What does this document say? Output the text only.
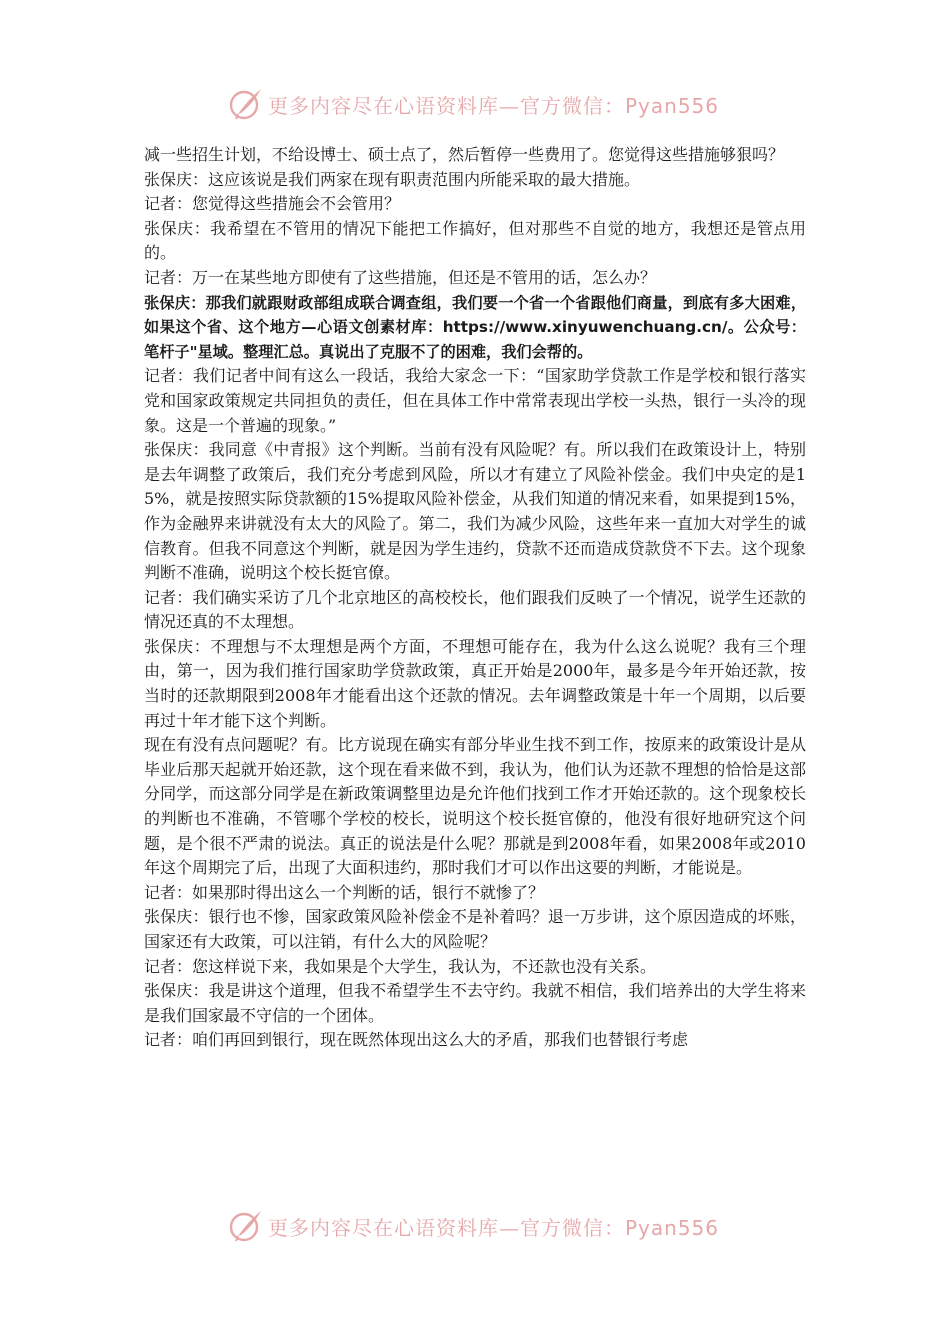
更多内容尽在心语资料库—官方微信：Pyan556

减一些招生计划，不给设博士、硕士点了，然后暂停一些费用了。您觉得这些措施够狠吗？

张保庆：这应该说是我们两家在现有职责范围内所能采取的最大措施。

记者：您觉得这些措施会不会管用？

张保庆：我希望在不管用的情况下能把工作搞好，但对那些不自觉的地方，我想还是管点用的。

记者：万一在某些地方即使有了这些措施，但还是不管用的话，怎么办？

张保庆：那我们就跟财政部组成联合调查组，我们要一个省一个省跟他们商量，到底有多大困难，如果这个省、这个地方—心语文创素材库：https://www.xinyuwenchuang.cn/。公众号：笔杆子"星域。整理汇总。真说出了克服不了的困难，我们会帮的。

记者：我们记者中间有这么一段话，我给大家念一下：“国家助学贷款工作是学校和银行落实党和国家政策规定共同担负的责任，但在具体工作中常常表现出学校一头热，银行一头冷的现象。这是一个普遍的现象。”

张保庆：我同意《中青报》这个判断。当前有没有风险呢？有。所以我们在政策设计上，特别是去年调整了政策后，我们充分考虑到风险，所以才有建立了风险补偿金。我们中央定的是15%，就是按照实际贷款额的15%提取风险补偿金，从我们知道的情况来看，如果提到15%，作为金融界来讲就没有太大的风险了。第二，我们为减少风险，这些年来一直加大对学生的诚信教育。但我不同意这个判断，就是因为学生违约，贷款不还而造成贷款贷不下去。这个现象判断不准确，说明这个校长挺官僚。

记者：我们确实采访了几个北京地区的高校校长，他们跟我们反映了一个情况，说学生还款的情况还真的不太理想。

张保庆：不理想与不太理想是两个方面，不理想可能存在，我为什么这么说呢？我有三个理由，第一，因为我们推行国家助学贷款政策，真正开始是2000年，最多是今年开始还款，按当时的还款期限到2008年才能看出这个还款的情况。去年调整政策是十年一个周期，以后要再过十年才能下这个判断。

现在有没有点问题呢？有。比方说现在确实有部分毕业生找不到工作，按原来的政策设计是从毕业后那天起就开始还款，这个现在看来做不到，我认为，他们认为还款不理想的恰恰是这部分同学，而这部分同学是在新政策调整里边是允许他们找到工作才开始还款的。这个现象校长的判断也不准确，不管哪个学校的校长，说明这个校长挺官僚的，他没有很好地研究这个问题，是个很不严肃的说法。真正的说法是什么呢？那就是到2008年看，如果2008年或2010年这个周期完了后，出现了大面积违约，那时我们才可以作出这要的判断，才能说是。

记者：如果那时得出这么一个判断的话，银行不就惨了？

张保庆：银行也不惨，国家政策风险补偿金不是补着吗？退一万步讲，这个原因造成的坏账，国家还有大政策，可以注销，有什么大的风险呢？

记者：您这样说下来，我如果是个大学生，我认为，不还款也没有关系。

张保庆：我是讲这个道理，但我不希望学生不去守约。我就不相信，我们培养出的大学生将来是我们国家最不守信的一个团体。

记者：咱们再回到银行，现在既然体现出这么大的矛盾，那我们也替银行考虑

更多内容尽在心语资料库—官方微信：Pyan556
